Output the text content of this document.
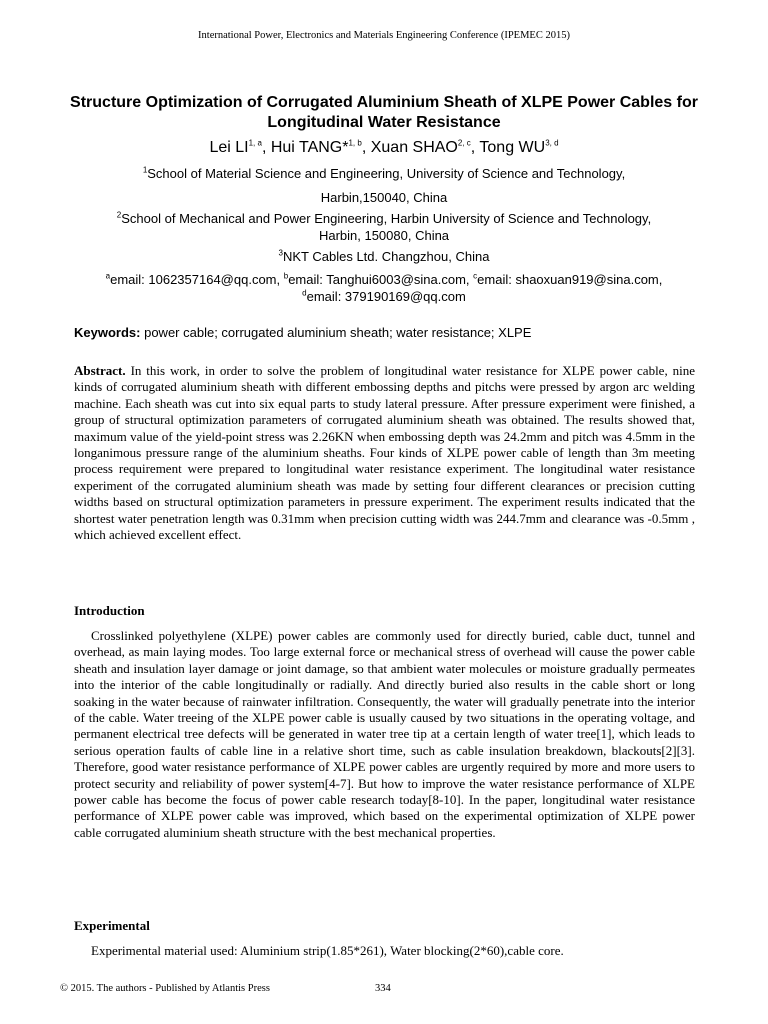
International Power, Electronics and Materials Engineering Conference (IPEMEC 2015)
Structure Optimization of Corrugated Aluminium Sheath of XLPE Power Cables for Longitudinal Water Resistance
Lei LI$^{1, a}$, Hui TANG*$^{1, b}$, Xuan SHAO$^{2, c}$, Tong WU$^{3, d}$
$^1$School of Material Science and Engineering, University of Science and Technology,
Harbin,150040, China
$^2$School of Mechanical and Power Engineering, Harbin University of Science and Technology,
Harbin, 150080, China
$^3$NKT Cables Ltd. Changzhou, China
$^a$email: 1062357164@qq.com, $^b$email: Tanghui6003@sina.com, $^c$email: shaoxuan919@sina.com,
$^d$email: 379190169@qq.com
Keywords: power cable; corrugated aluminium sheath; water resistance; XLPE
Abstract. In this work, in order to solve the problem of longitudinal water resistance for XLPE power cable, nine kinds of corrugated aluminium sheath with different embossing depths and pitchs were pressed by argon arc welding machine. Each sheath was cut into six equal parts to study lateral pressure. After pressure experiment were finished, a group of structural optimization parameters of corrugated aluminium sheath was obtained. The results showed that, maximum value of the yield-point stress was 2.26KN when embossing depth was 24.2mm and pitch was 4.5mm in the longanimous pressure range of the aluminium sheaths. Four kinds of XLPE power cable of length than 3m meeting process requirement were prepared to longitudinal water resistance experiment. The longitudinal water resistance experiment of the corrugated aluminium sheath was made by setting four different clearances or precision cutting widths based on structural optimization parameters in pressure experiment. The experiment results indicated that the shortest water penetration length was 0.31mm when precision cutting width was 244.7mm and clearance was -0.5mm , which achieved excellent effect.
Introduction
Crosslinked polyethylene (XLPE) power cables are commonly used for directly buried, cable duct, tunnel and overhead, as main laying modes. Too large external force or mechanical stress of overhead will cause the power cable sheath and insulation layer damage or joint damage, so that ambient water molecules or moisture gradually permeates into the interior of the cable longitudinally or radially. And directly buried also results in the cable short or long soaking in the water because of rainwater infiltration. Consequently, the water will gradually penetrate into the interior of the cable. Water treeing of the XLPE power cable is usually caused by two situations in the operating voltage, and permanent electrical tree defects will be generated in water tree tip at a certain length of water tree[1], which leads to serious operation faults of cable line in a relative short time, such as cable insulation breakdown, blackouts[2][3]. Therefore, good water resistance performance of XLPE power cables are urgently required by more and more users to protect security and reliability of power system[4-7]. But how to improve the water resistance performance of XLPE power cable has become the focus of power cable research today[8-10]. In the paper, longitudinal water resistance performance of XLPE power cable was improved, which based on the experimental optimization of XLPE power cable corrugated aluminium sheath structure with the best mechanical properties.
Experimental
Experimental material used: Aluminium strip(1.85*261), Water blocking(2*60),cable core.
© 2015. The authors - Published by Atlantis Press	334
